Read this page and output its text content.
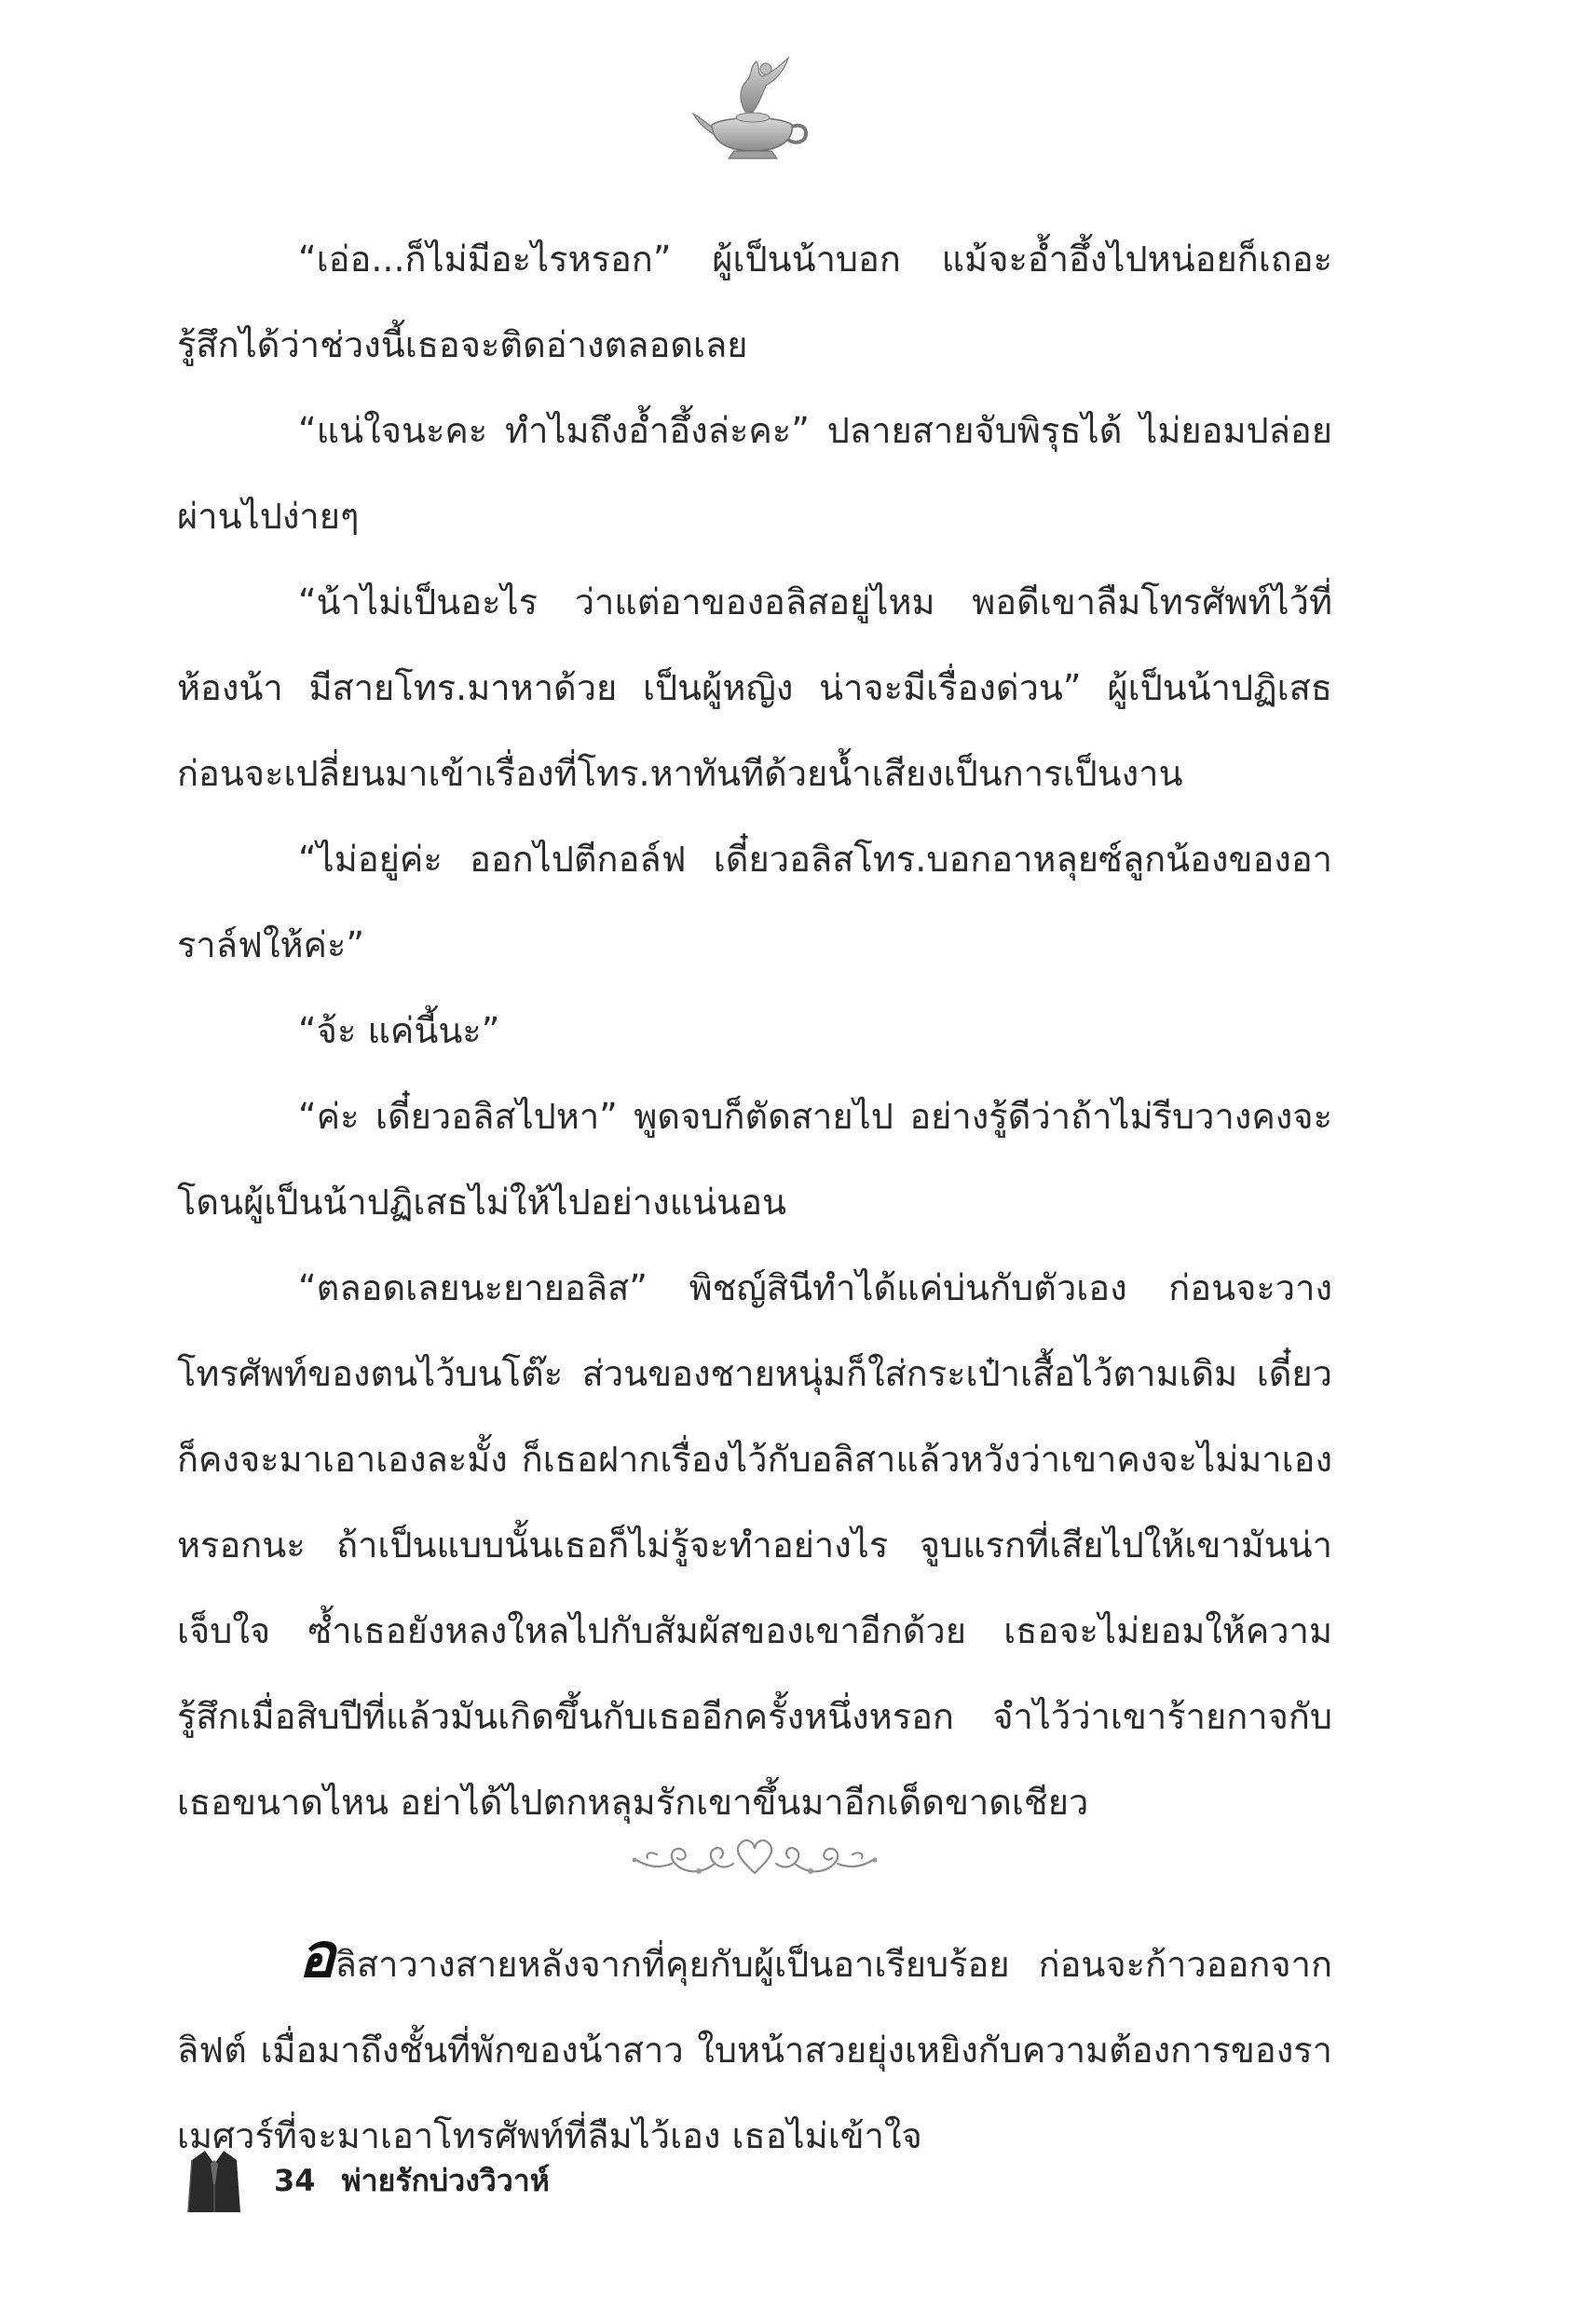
“เอ่อ...ก็ไม่มีอะไรหรอก” ผู้เป็นน้าบอก แม้จะอ้ำอึ้งไปหน่อยก็เถอะ รู้สึกได้ว่าช่วงนี้เธอจะติดอ่างตลอดเลย

“แน่ใจนะคะ ทำไมถึงอ้ำอึ้งล่ะคะ” ปลายสายจับพิรุธได้ ไม่ยอมปล่อยผ่านไปง่ายๆ

“น้าไม่เป็นอะไร ว่าแต่อาของอลิสอยู่ไหม พอดีเขาลืมโทรศัพท์ไว้ที่ห้องน้า มีสายโทร.มาหาด้วย เป็นผู้หญิง น่าจะมีเรื่องด่วน” ผู้เป็นน้าปฏิเสธก่อนจะเปลี่ยนมาเข้าเรื่องที่โทร.หาทันทีด้วยน้ำเสียงเป็นการเป็นงาน

“ไม่อยู่ค่ะ ออกไปตีกอล์ฟ เดี๋ยวอลิสโทร.บอกอาหลุยซ์ลูกน้องของอาราล์ฟให้ค่ะ”

“จ้ะ แค่นี้นะ”

“ค่ะ เดี๋ยวอลิสไปหา” พูดจบก็ตัดสายไป อย่างรู้ดีว่าถ้าไม่รีบวางคงจะโดนผู้เป็นน้าปฏิเสธไม่ให้ไปอย่างแน่นอน

“ตลอดเลยนะยายอลิส” พิชญ์สินีทำได้แค่บ่นกับตัวเอง ก่อนจะวางโทรศัพท์ของตนไว้บนโต๊ะ ส่วนของชายหนุ่มก็ใส่กระเป๋าเสื้อไว้ตามเดิม เดี๋ยวก็คงจะมาเอาเองละมั้ง ก็เธอฝากเรื่องไว้กับอลิสาแล้วหวังว่าเขาคงจะไม่มาเองหรอกนะ ถ้าเป็นแบบนั้นเธอก็ไม่รู้จะทำอย่างไร จูบแรกที่เสียไปให้เขามันน่าเจ็บใจ ซ้ำเธอยังหลงใหลไปกับสัมผัสของเขาอีกด้วย เธอจะไม่ยอมให้ความรู้สึกเมื่อสิบปีที่แล้วมันเกิดขึ้นกับเธออีกครั้งหนึ่งหรอก จำไว้ว่าเขาร้ายกาจกับเธอขนาดไหน อย่าได้ไปตกหลุมรักเขาขึ้นมาอีกเด็ดขาดเชียว

อลิสาวางสายหลังจากที่คุยกับผู้เป็นอาเรียบร้อย ก่อนจะก้าวออกจากลิฟต์ เมื่อมาถึงชั้นที่พักของน้าสาว ใบหน้าสวยยุ่งเหยิงกับความต้องการของราเมศวร์ที่จะมาเอาโทรศัพท์ที่ลืมไว้เอง เธอไม่เข้าใจ

34 พ่ายรักบ่วงวิวาห์
